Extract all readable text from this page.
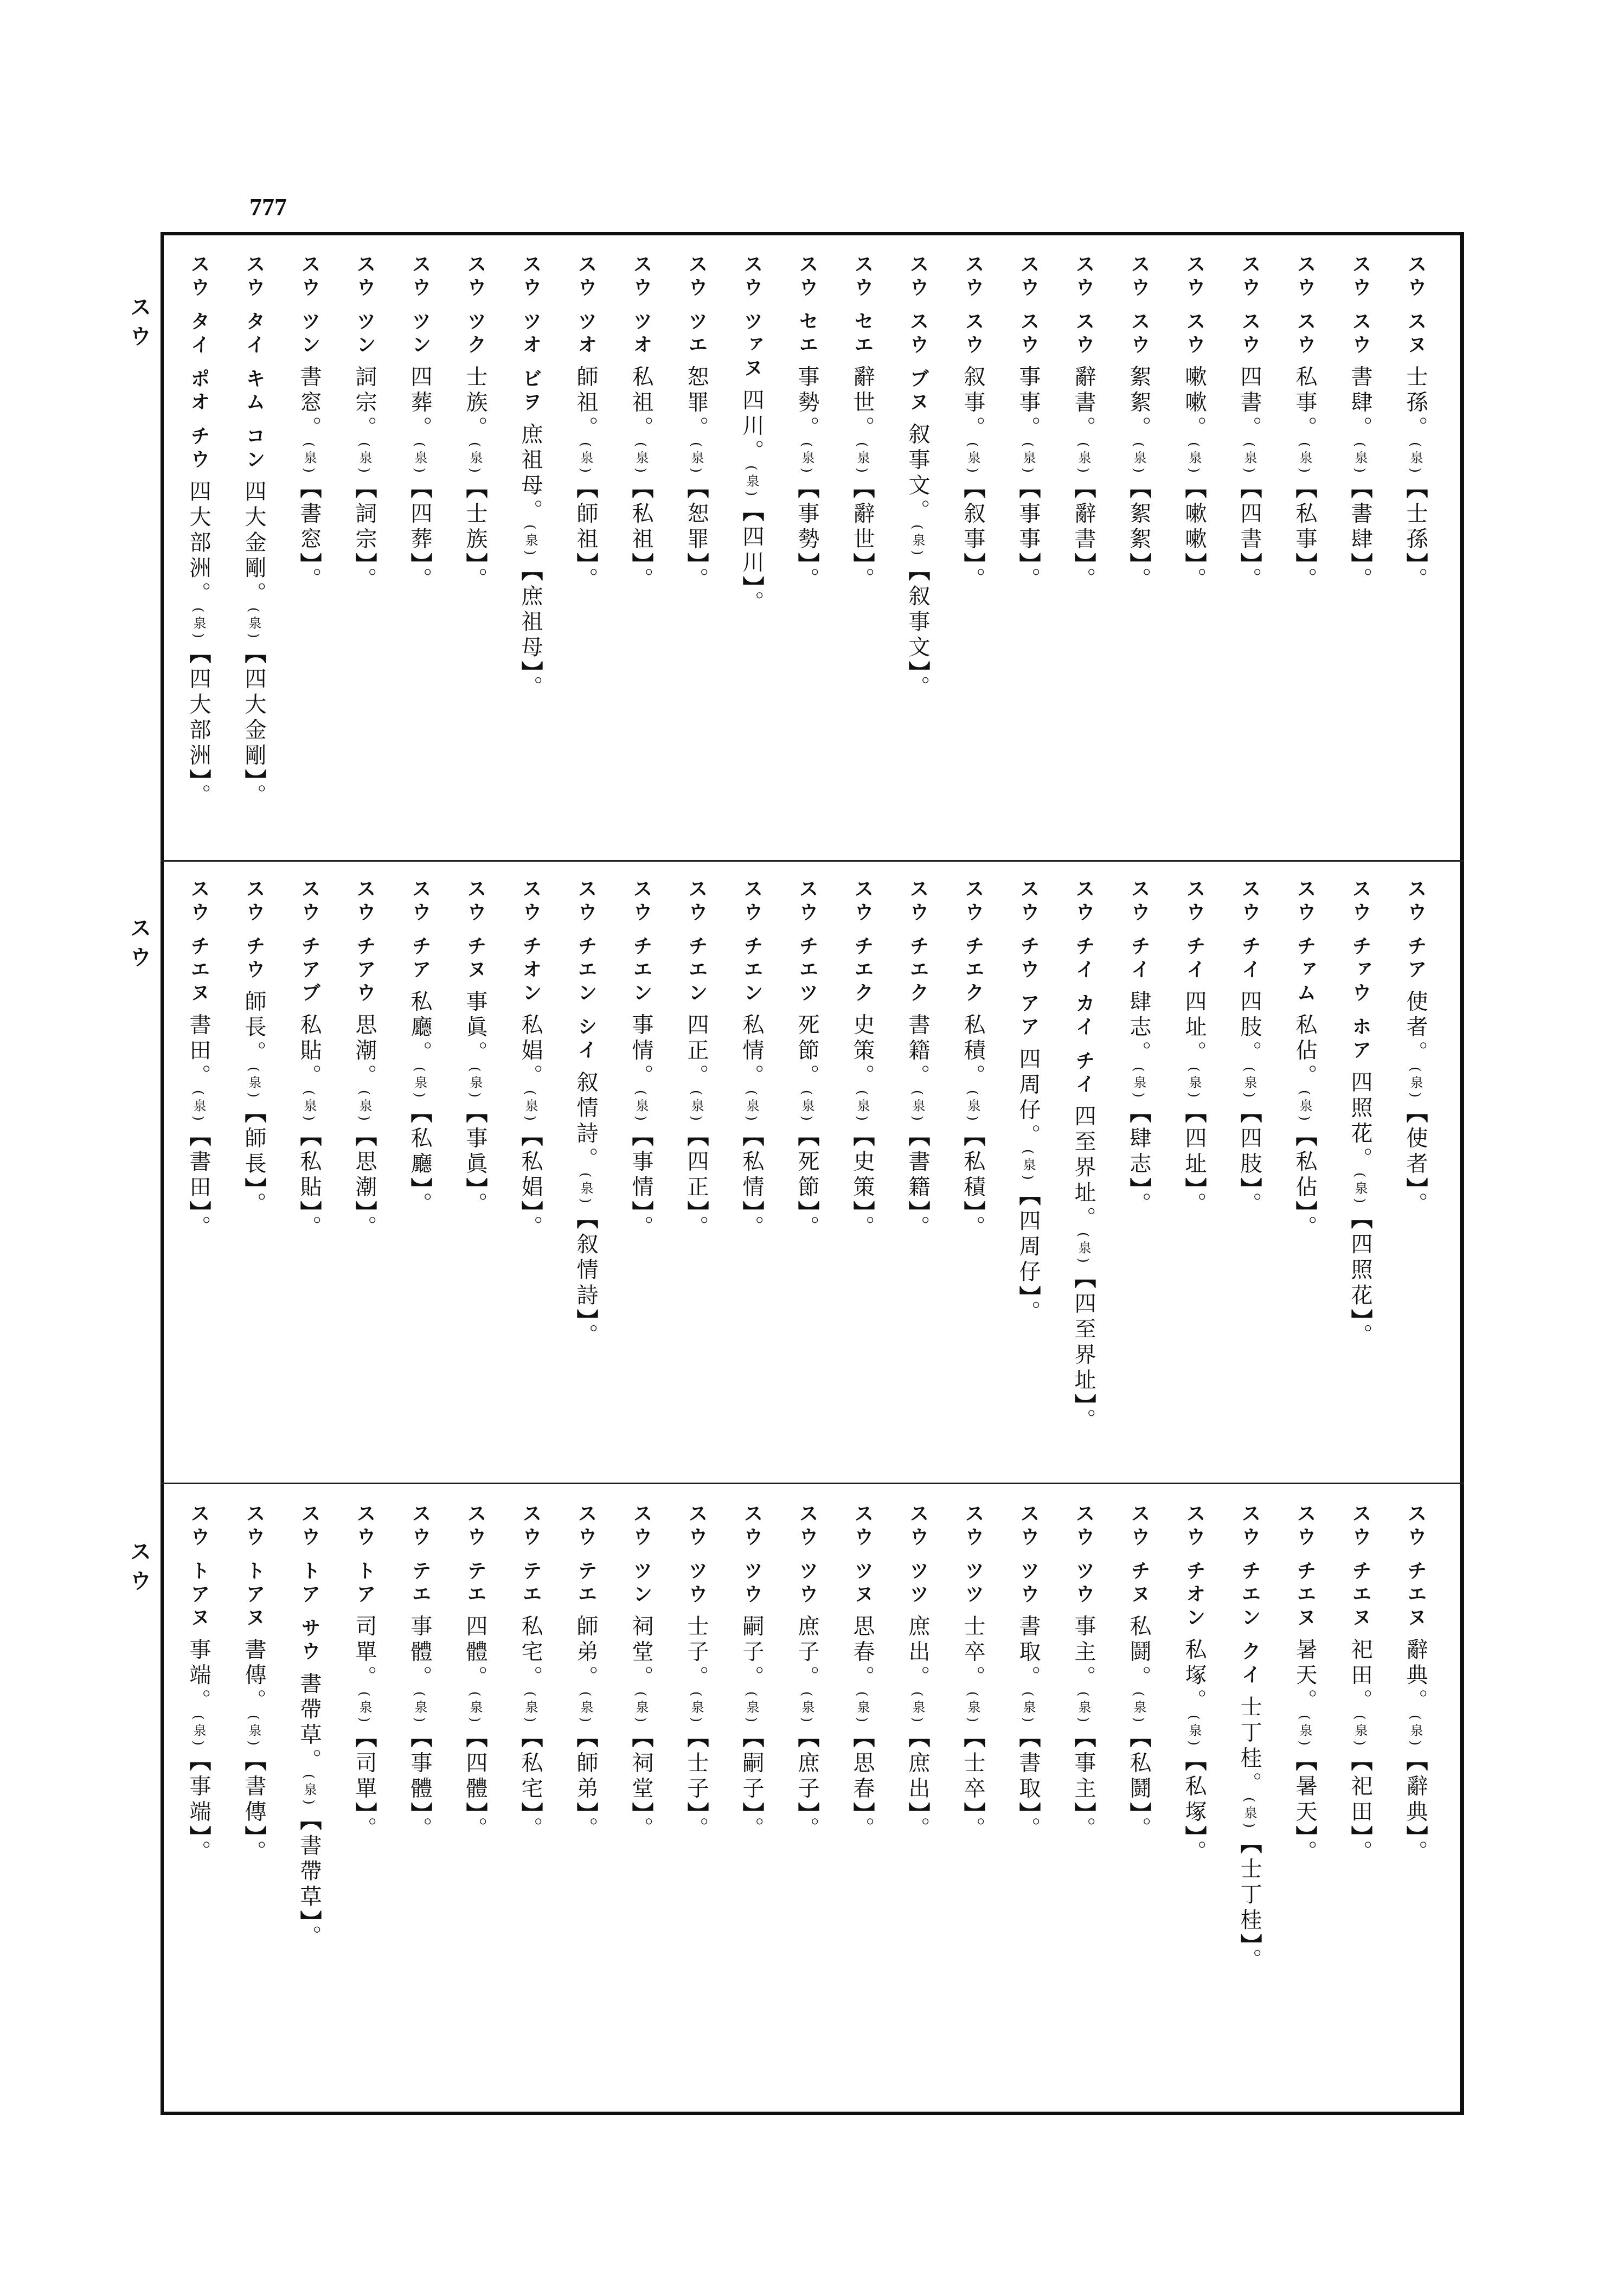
777
スウ
スウ
スウ
スウ スヌ士孫。(泉)【士孫】。
スウ スウ書肆。(泉)【書肆】。
スウ スウ私事。(泉)【私事】。
スウ スウ四書。(泉)【四書】。
スウ スウ嗽嗽。(泉)【嗽嗽】。
スウ スウ絮絮。(泉)【絮絮】。
スウ スウ辭書。(泉)【辭書】。
スウ スウ事事。(泉)【事事】。
スウ スウ叙事。(泉)【叙事】。
スウ スウ ブヌ叙事文。(泉)【叙事文】。
スウ セエ辭世。(泉)【辭世】。
スウ セエ事勢。(泉)【事勢】。
スウ ツァヌ四川。(泉)【四川】。
スウ ツエ恕罪。(泉)【恕罪】。
スウ ツオ私祖。(泉)【私祖】。
スウ ツオ師祖。(泉)【師祖】。
スウ ツオ ビヲ庶祖母。(泉)【庶祖母】。
スウ ツク士族。(泉)【士族】。
スウ ツン四葬。(泉)【四葬】。
スウ ツン詞宗。(泉)【詞宗】。
スウ ツン書窓。(泉)【書窓】。
スウ タイ キム コン四大金剛。(泉)【四大金剛】。
スウ タイ ポオ チウ四大部洲。(泉)【四大部洲】。
スウ チア使者。(泉)【使者】。
スウ チァウ ホア四照花。(泉)【四照花】。
スウ チァム私佔。(泉)【私佔】。
スウ チイ四肢。(泉)【四肢】。
スウ チイ四址。(泉)【四址】。
スウ チイ肆志。(泉)【肆志】。
スウ チイ カイ チイ四至界址。(泉)【四至界址】。
スウ チウ アア四周仔。(泉)【四周仔】。
スウ チエク私積。(泉)【私積】。
スウ チエク書籍。(泉)【書籍】。
スウ チエク史策。(泉)【史策】。
スウ チエツ死節。(泉)【死節】。
スウ チエン私情。(泉)【私情】。
スウ チエン四正。(泉)【四正】。
スウ チエン事情。(泉)【事情】。
スウ チエン シイ叙情詩。(泉)【叙情詩】。
スウ チオン私娼。(泉)【私娼】。
スウ チヌ事眞。(泉)【事眞】。
スウ チア私廳。(泉)【私廳】。
スウ チアウ思潮。(泉)【思潮】。
スウ チアブ私貼。(泉)【私貼】。
スウ チウ師長。(泉)【師長】。
スウ チエヌ書田。(泉)【書田】。
スウ チエヌ辭典。(泉)【辭典】。
スウ チエヌ祀田。(泉)【祀田】。
スウ チエヌ暑天。(泉)【暑天】。
スウ チエン クイ士丁桂。(泉)【士丁桂】。
スウ チオン私塚。(泉)【私塚】。
スウ チヌ私鬪。(泉)【私鬪】。
スウ ツウ事主。(泉)【事主】。
スウ ツウ書取。(泉)【書取】。
スウ ツツ士卒。(泉)【士卒】。
スウ ツツ庶出。(泉)【庶出】。
スウ ツヌ思春。(泉)【思春】。
スウ ツウ庶子。(泉)【庶子】。
スウ ツウ嗣子。(泉)【嗣子】。
スウ ツウ士子。(泉)【士子】。
スウ ツン祠堂。(泉)【祠堂】。
スウ テエ師弟。(泉)【師弟】。
スウ テエ私宅。(泉)【私宅】。
スウ テエ四體。(泉)【四體】。
スウ テエ事體。(泉)【事體】。
スウ トア司單。(泉)【司單】。
スウ トア サウ書帶草。(泉)【書帶草】。
スウ トアヌ書傳。(泉)【書傳】。
スウ トアヌ事端。(泉)【事端】。
